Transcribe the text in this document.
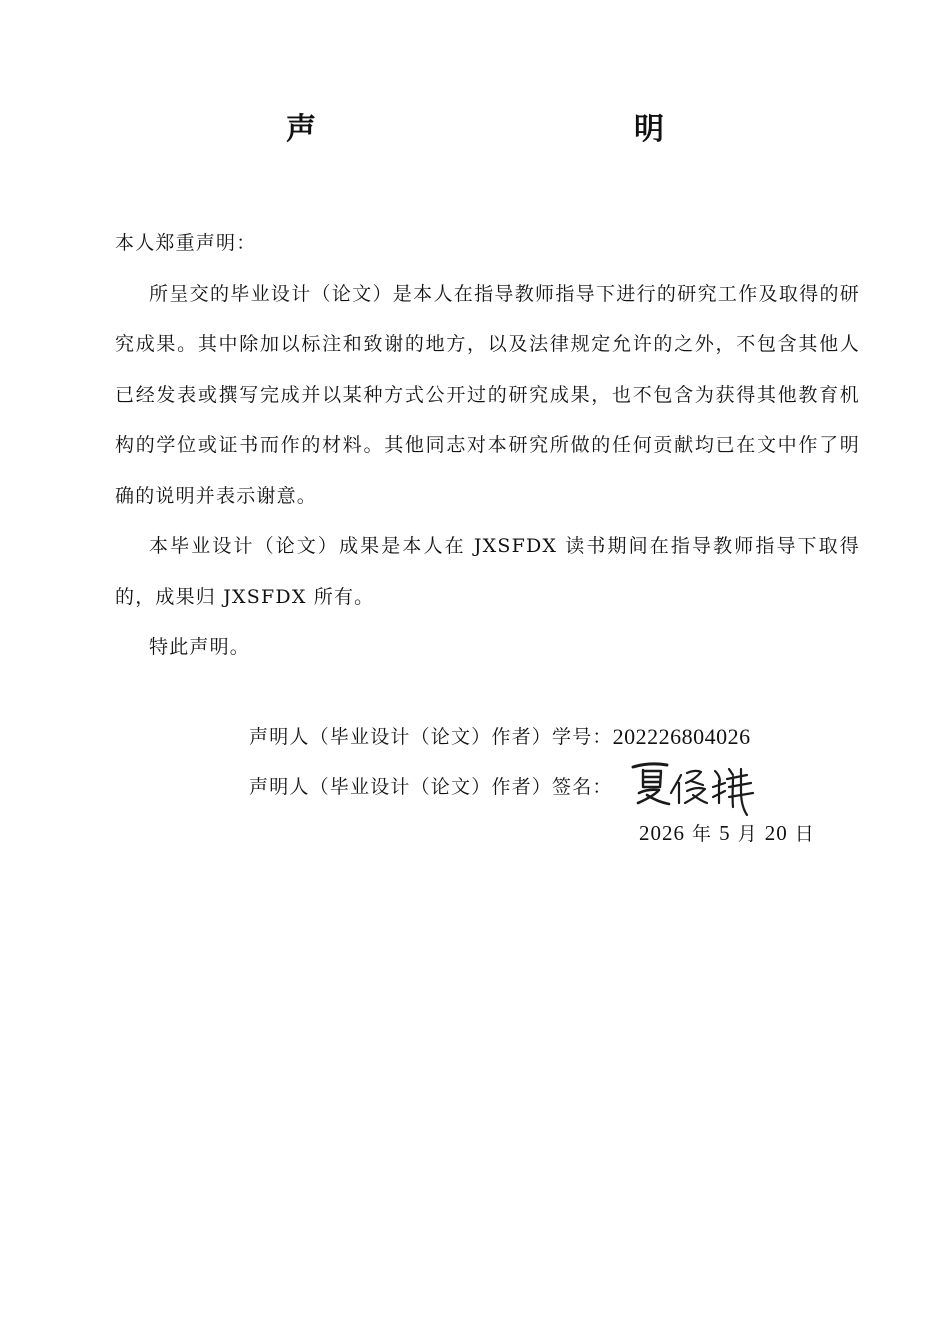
声　　明

本人郑重声明：

所呈交的毕业设计（论文）是本人在指导教师指导下进行的研究工作及取得的研究成果。其中除加以标注和致谢的地方，以及法律规定允许的之外，不包含其他人已经发表或撰写完成并以某种方式公开过的研究成果，也不包含为获得其他教育机构的学位或证书而作的材料。其他同志对本研究所做的任何贡献均已在文中作了明确的说明并表示谢意。

本毕业设计（论文）成果是本人在 JXSFDX 读书期间在指导教师指导下取得的，成果归 JXSFDX 所有。

特此声明。

声明人（毕业设计（论文）作者）学号： 202226804026
声明人（毕业设计（论文）作者）签名：
夏俊雄
2026 年 5 月 20 日
